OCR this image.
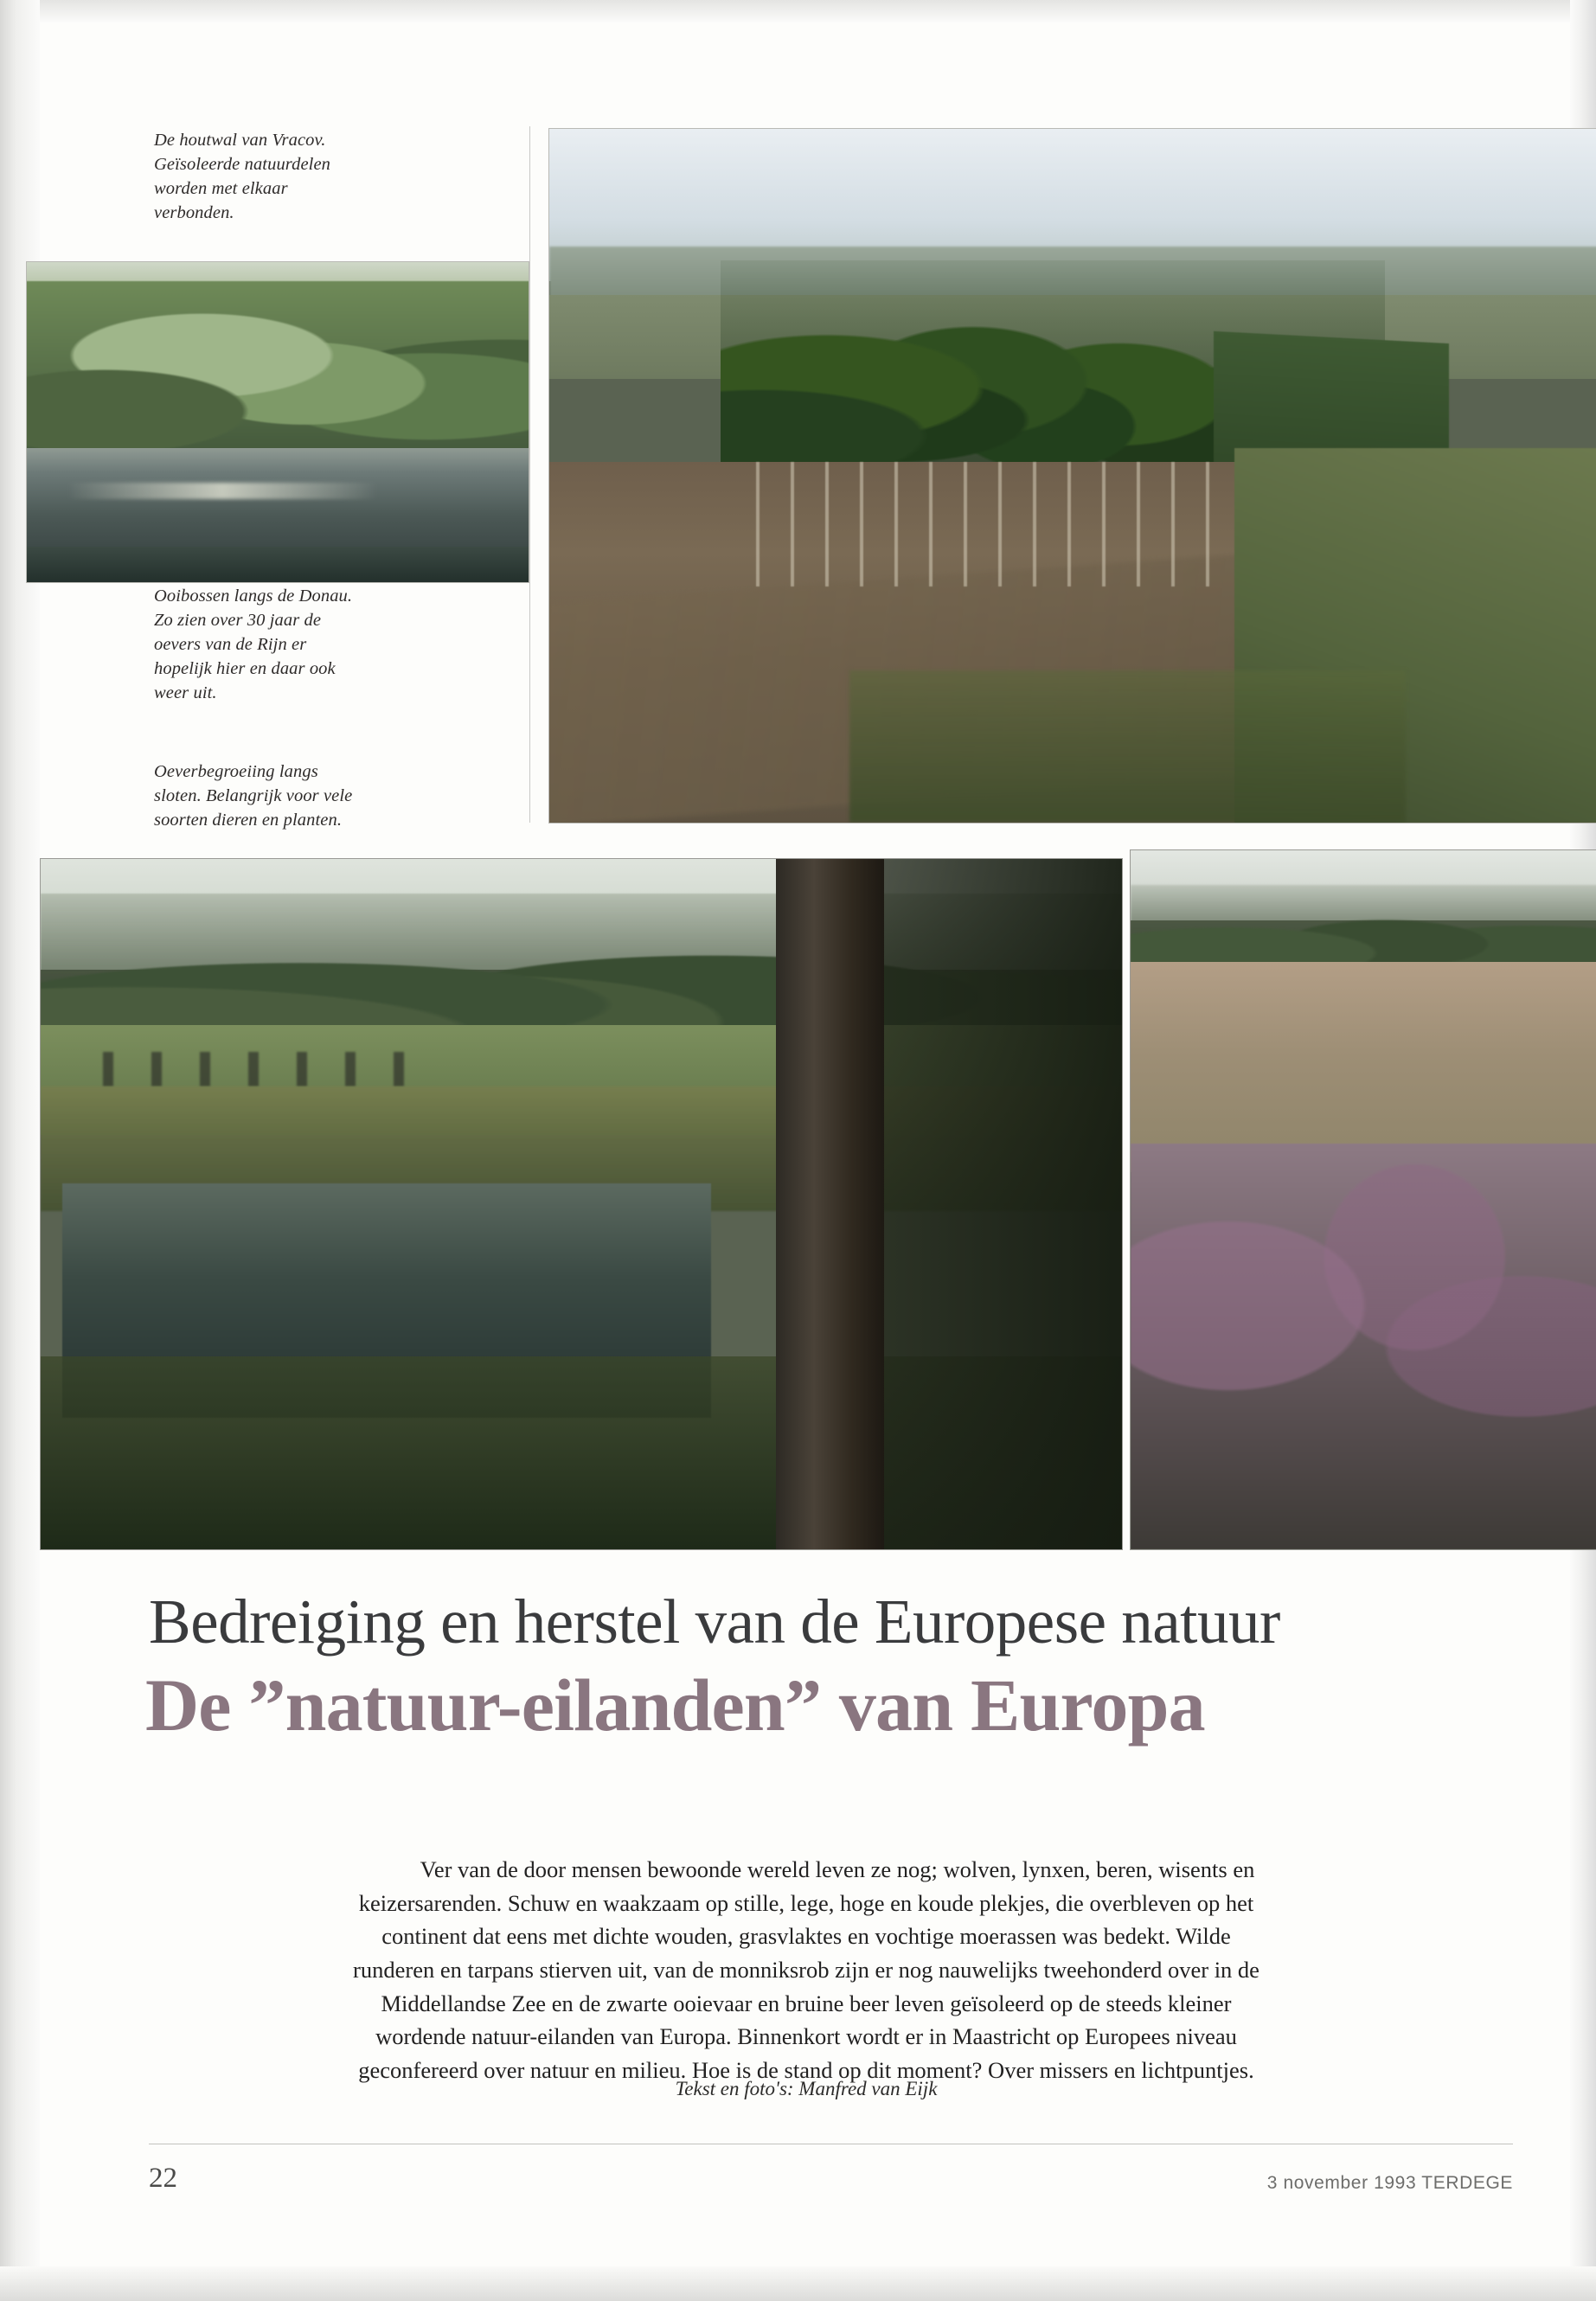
De houtwal van Vracov. Geïsoleerde natuurdelen worden met elkaar verbonden.
Ooibossen langs de Donau. Zo zien over 30 jaar de oevers van de Rijn er hopelijk hier en daar ook weer uit.
Oeverbegroeiing langs sloten. Belangrijk voor vele soorten dieren en planten.
Bedreiging en herstel van de Europese natuur
De ”natuur-eilanden” van Europa
Ver van de door mensen bewoonde wereld leven ze nog; wolven, lynxen, beren, wisents en
keizersarenden. Schuw en waakzaam op stille, lege, hoge en koude plekjes, die overbleven op het
continent dat eens met dichte wouden, grasvlaktes en vochtige moerassen was bedekt. Wilde
runderen en tarpans stierven uit, van de monniksrob zijn er nog nauwelijks tweehonderd over in de
Middellandse Zee en de zwarte ooievaar en bruine beer leven geïsoleerd op de steeds kleiner
wordende natuur-eilanden van Europa. Binnenkort wordt er in Maastricht op Europees niveau
geconfereerd over natuur en milieu. Hoe is de stand op dit moment? Over missers en lichtpuntjes.
Tekst en foto's: Manfred van Eijk
22	3 november 1993 TERDEGE
